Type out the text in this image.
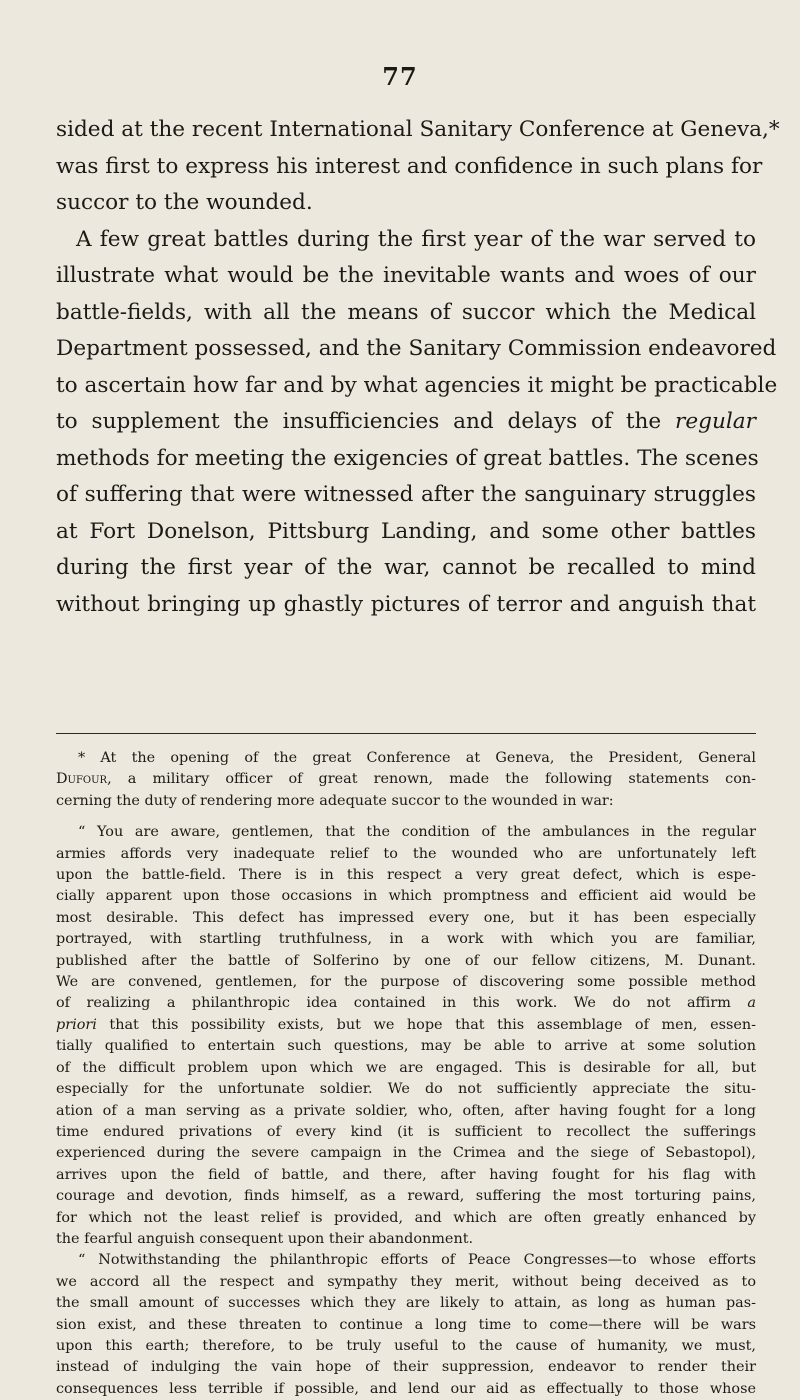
77

sided at the recent International Sanitary Conference at Geneva,*

was first to express his interest and confidence in such plans for

succor to the wounded.

A few great battles during the first year of the war served to

illustrate what would be the inevitable wants and woes of our

battle-fields, with all the means of succor which the Medical

Department possessed, and the Sanitary Commission endeavored

to ascertain how far and by what agencies it might be practicable

to supplement the insufficiencies and delays of the regular

methods for meeting the exigencies of great battles. The scenes

of suffering that were witnessed after the sanguinary struggles

at Fort Donelson, Pittsburg Landing, and some other battles

during the first year of the war, cannot be recalled to mind

without bringing up ghastly pictures of terror and anguish that

* At the opening of the great Conference at Geneva, the President, General

Dufour, a military officer of great renown, made the following statements con-

cerning the duty of rendering more adequate succor to the wounded in war:

“ You are aware, gentlemen, that the condition of the ambulances in the regular

armies affords very inadequate relief to the wounded who are unfortunately left

upon the battle-field. There is in this respect a very great defect, which is espe-

cially apparent upon those occasions in which promptness and efficient aid would be

most desirable. This defect has impressed every one, but it has been especially

portrayed, with startling truthfulness, in a work with which you are familiar,

published after the battle of Solferino by one of our fellow citizens, M. Dunant.

We are convened, gentlemen, for the purpose of discovering some possible method

of realizing a philanthropic idea contained in this work. We do not affirm a

priori that this possibility exists, but we hope that this assemblage of men, essen-

tially qualified to entertain such questions, may be able to arrive at some solution

of the difficult problem upon which we are engaged. This is desirable for all, but

especially for the unfortunate soldier. We do not sufficiently appreciate the situ-

ation of a man serving as a private soldier, who, often, after having fought for a long

time endured privations of every kind (it is sufficient to recollect the sufferings

experienced during the severe campaign in the Crimea and the siege of Sebastopol),

arrives upon the field of battle, and there, after having fought for his flag with

courage and devotion, finds himself, as a reward, suffering the most torturing pains,

for which not the least relief is provided, and which are often greatly enhanced by

the fearful anguish consequent upon their abandonment.

“ Notwithstanding the philanthropic efforts of Peace Congresses—to whose efforts

we accord all the respect and sympathy they merit, without being deceived as to

the small amount of successes which they are likely to attain, as long as human pas-

sion exist, and these threaten to continue a long time to come—there will be wars

upon this earth; therefore, to be truly useful to the cause of humanity, we must,

instead of indulging the vain hope of their suppression, endeavor to render their

consequences less terrible if possible, and lend our aid as effectually to those whose
